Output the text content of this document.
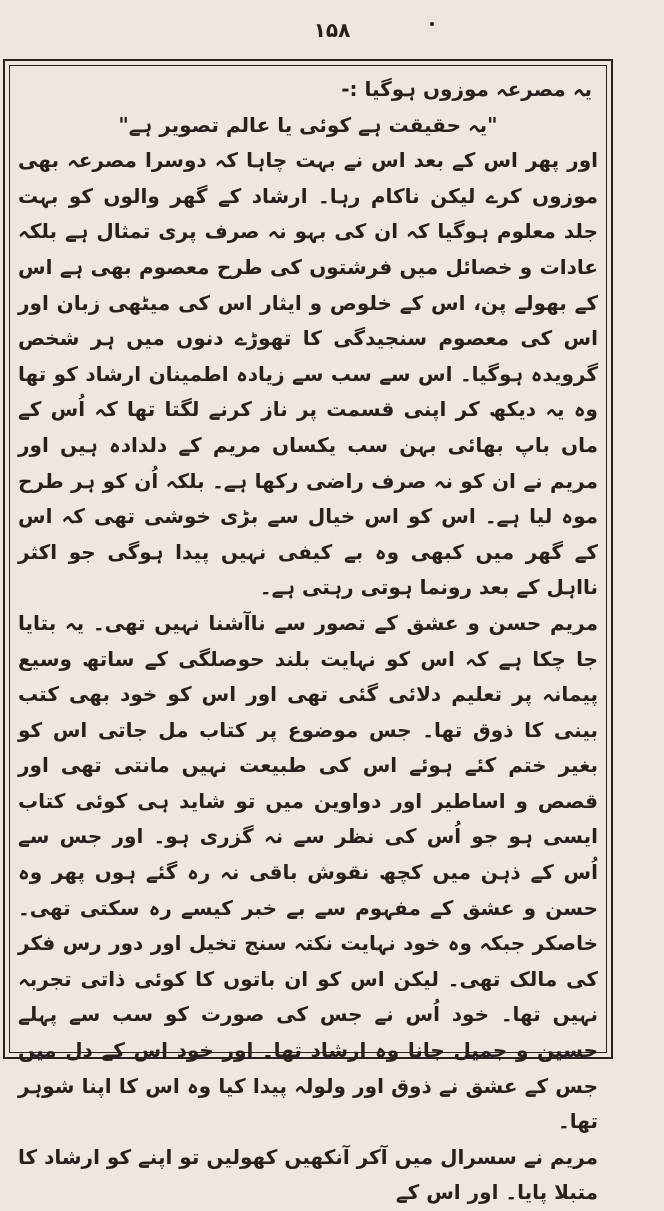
۱۵۸

یہ مصرعہ موزوں ہوگیا :-

"یہ حقیقت ہے کوئی یا عالم تصویر ہے"

اور پھر اس کے بعد اس نے بہت چاہا کہ دوسرا مصرعہ بھی موزوں کرے لیکن ناکام رہا۔ ارشاد کے گھر والوں کو بہت جلد معلوم ہوگیا کہ ان کی بہو نہ صرف پری تمثال ہے بلکہ عادات و خصائل میں فرشتوں کی طرح معصوم بھی ہے اس کے بھولے پن، اس کے خلوص و ایثار اس کی میٹھی زبان اور اس کی معصوم سنجیدگی کا تھوڑے دنوں میں ہر شخص گرویدہ ہوگیا۔ اس سے سب سے زیادہ اطمینان ارشاد کو تھا وہ یہ دیکھ کر اپنی قسمت پر ناز کرنے لگتا تھا کہ اُس کے ماں باپ بھائی بہن سب یکساں مریم کے دلدادہ ہیں اور مریم نے ان کو نہ صرف راضی رکھا ہے۔ بلکہ اُن کو ہر طرح موہ لیا ہے۔ اس کو اس خیال سے بڑی خوشی تھی کہ اس کے گھر میں کبھی وہ بے کیفی نہیں پیدا ہوگی جو اکثر نااہل کے بعد رونما ہوتی رہتی ہے۔

مریم حسن و عشق کے تصور سے ناآشنا نہیں تھی۔ یہ بتایا جا چکا ہے کہ اس کو نہایت بلند حوصلگی کے ساتھ وسیع پیمانہ پر تعلیم دلائی گئی تھی اور اس کو خود بھی کتب بینی کا ذوق تھا۔ جس موضوع پر کتاب مل جاتی اس کو بغیر ختم کئے ہوئے اس کی طبیعت نہیں مانتی تھی اور قصص و اساطیر اور دواوین میں تو شاید ہی کوئی کتاب ایسی ہو جو اُس کی نظر سے نہ گزری ہو۔ اور جس سے اُس کے ذہن میں کچھ نقوش باقی نہ رہ گئے ہوں پھر وہ حسن و عشق کے مفہوم سے بے خبر کیسے رہ سکتی تھی۔ خاصکر جبکہ وہ خود نہایت نکتہ سنج تخیل اور دور رس فکر کی مالک تھی۔ لیکن اس کو ان باتوں کا کوئی ذاتی تجربہ نہیں تھا۔ خود اُس نے جس کی صورت کو سب سے پہلے حسین و جمیل جانا وہ ارشاد تھا۔ اور خود اس کے دل میں جس کے عشق نے ذوق اور ولولہ پیدا کیا وہ اس کا اپنا شوہر تھا۔

مریم نے سسرال میں آکر آنکھیں کھولیں تو اپنے کو ارشاد کا متبلا پایا۔ اور اس کے
